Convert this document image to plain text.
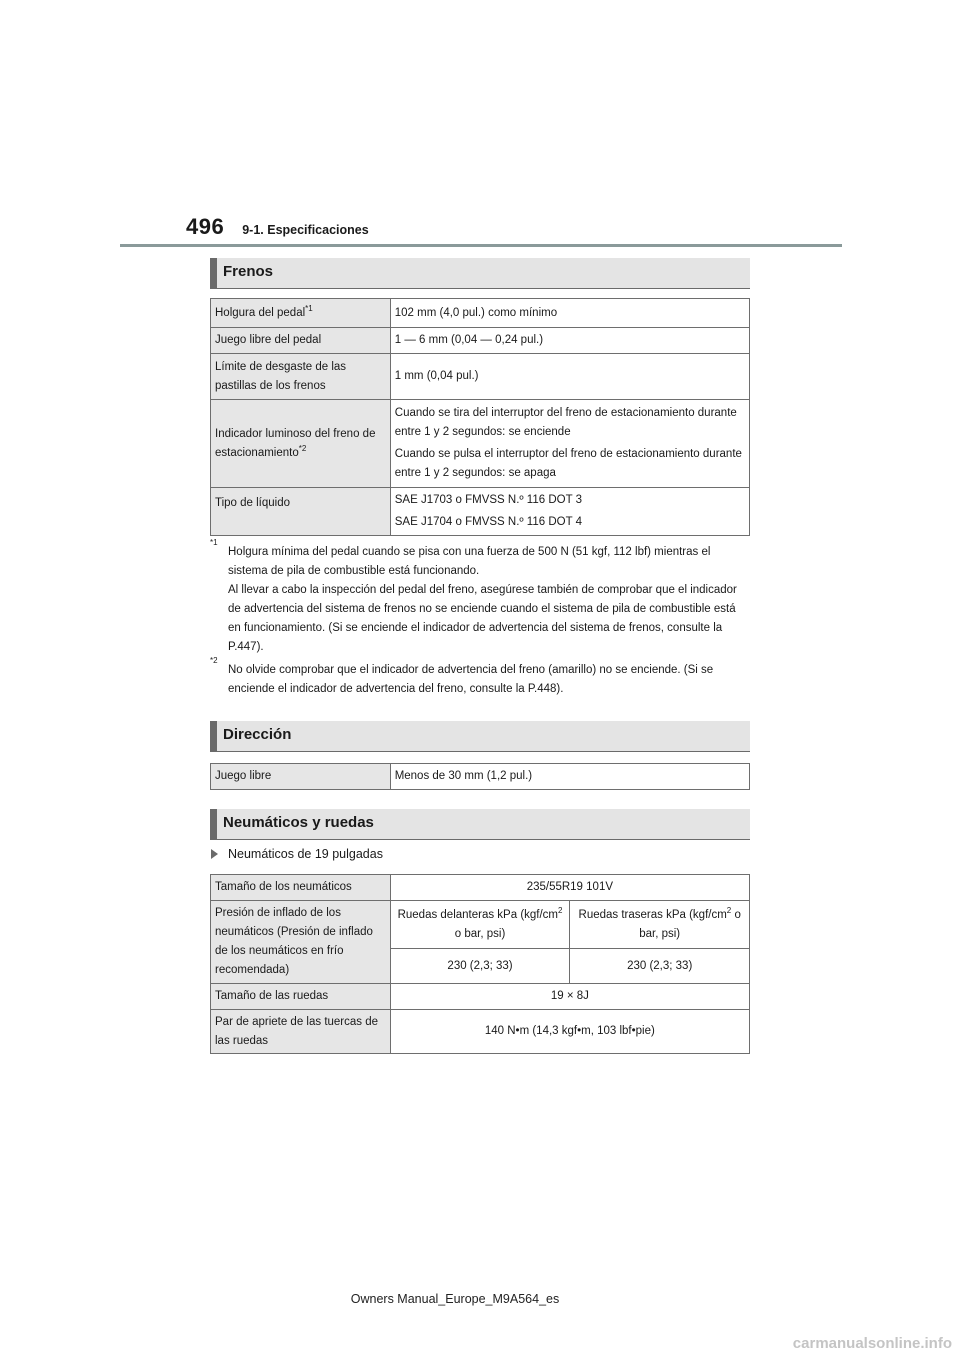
496 9-1. Especificaciones
Frenos
Holgura del pedal$^{*1}$	102 mm (4,0 pul.) como mínimo
Juego libre del pedal	1 — 6 mm (0,04 — 0,24 pul.)
Límite de desgaste de las pastillas de los frenos	1 mm (0,04 pul.)
Indicador luminoso del freno de estacionamiento$^{*2}$	Cuando se tira del interruptor del freno de estacionamiento durante entre 1 y 2 segundos: se enciende
Cuando se pulsa el interruptor del freno de estacionamiento durante entre 1 y 2 segundos: se apaga

Tipo de líquido	SAE J1703 o FMVSS N.º 116 DOT 3
SAE J1704 o FMVSS N.º 116 DOT 4
*1

Holgura mínima del pedal cuando se pisa con una fuerza de 500 N (51 kgf, 112 lbf) mientras el sistema de pila de combustible está funcionando.

Al llevar a cabo la inspección del pedal del freno, asegúrese también de comprobar que el indicador de advertencia del sistema de frenos no se enciende cuando el sistema de pila de combustible está en funcionamiento. (Si se enciende el indicador de advertencia del sistema de frenos, consulte la P.447).

*2

No olvide comprobar que el indicador de advertencia del freno (amarillo) no se enciende. (Si se enciende el indicador de advertencia del freno, consulte la P.448).

Dirección
Juego libre	Menos de 30 mm (1,2 pul.)
Neumáticos y ruedas
Neumáticos de 19 pulgadas
Tamaño de los neumáticos	235/55R19 101V	
Presión de inflado de los neumáticos (Presión de inflado de los neumáticos en frío recomendada)	Ruedas delanteras kPa ($kgf/cm^2$ o bar, psi)	Ruedas traseras kPa ($kgf/cm^2$ o bar, psi)
	230 (2,3; 33)	230 (2,3; 33)
Tamaño de las ruedas	19 × 8J	
Par de apriete de las tuercas de las ruedas	140 N•m (14,3 kgf•m, 103 lbf•pie)	
Owners Manual_Europe_M9A564_es
carmanualsonline.info
